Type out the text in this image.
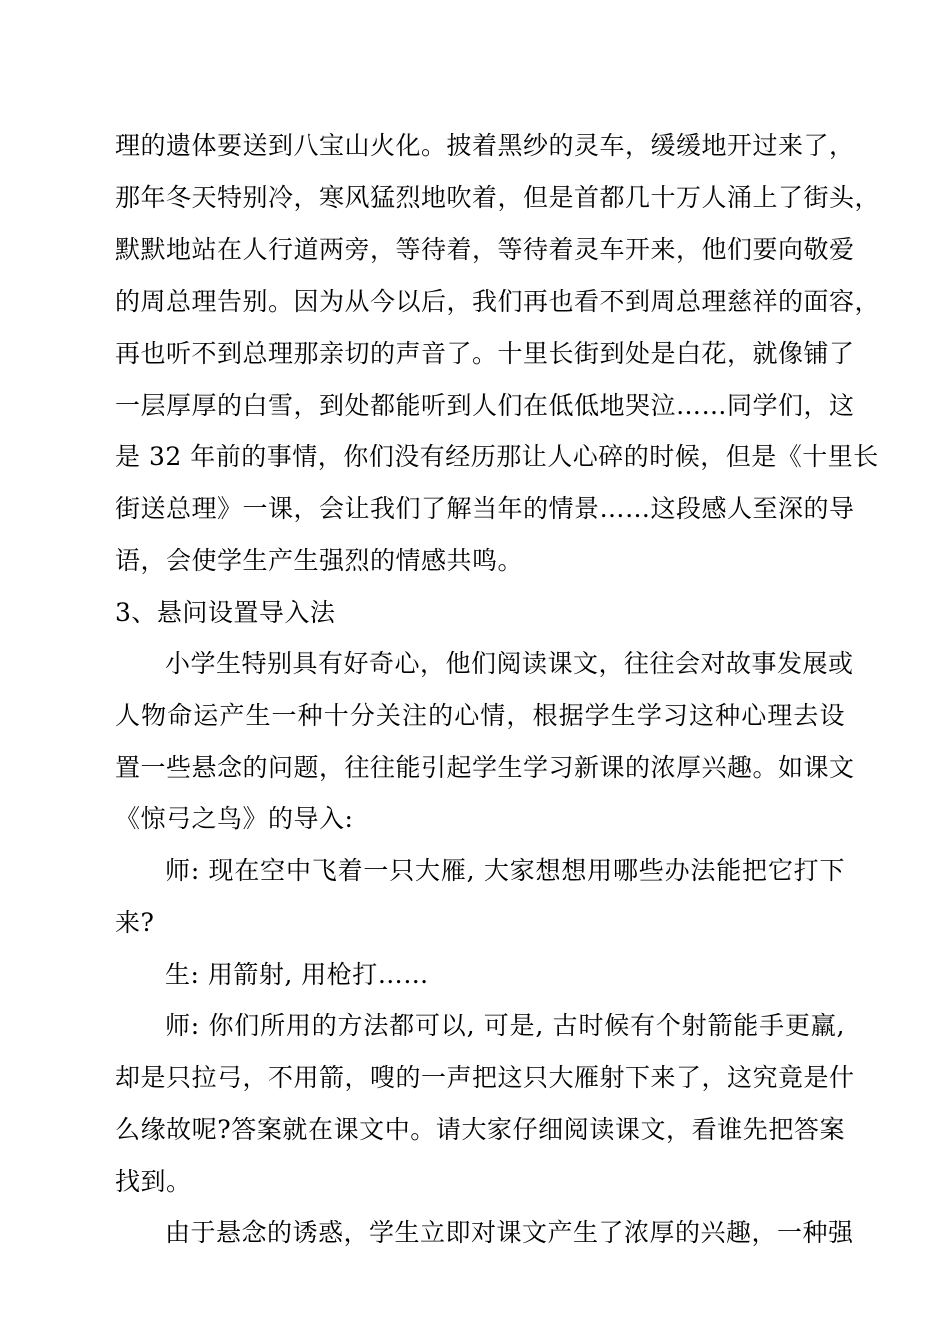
理的遗体要送到八宝山火化。披着黑纱的灵车，缓缓地开过来了，
那年冬天特别冷，寒风猛烈地吹着，但是首都几十万人涌上了街头，
默默地站在人行道两旁，等待着，等待着灵车开来，他们要向敬爱
的周总理告别。因为从今以后，我们再也看不到周总理慈祥的面容，
再也听不到总理那亲切的声音了。十里长街到处是白花，就像铺了
一层厚厚的白雪，到处都能听到人们在低低地哭泣……同学们，这
是 32 年前的事情，你们没有经历那让人心碎的时候，但是《十里长
街送总理》一课，会让我们了解当年的情景……这段感人至深的导
语，会使学生产生强烈的情感共鸣。
3、悬问设置导入法
小学生特别具有好奇心，他们阅读课文，往往会对故事发展或
人物命运产生一种十分关注的心情，根据学生学习这种心理去设
置一些悬念的问题，往往能引起学生学习新课的浓厚兴趣。如课文
《惊弓之鸟》的导入:
师: 现在空中飞着一只大雁, 大家想想用哪些办法能把它打下
来?
生: 用箭射, 用枪打……
师: 你们所用的方法都可以, 可是, 古时候有个射箭能手更羸,
却是只拉弓，不用箭，嗖的一声把这只大雁射下来了，这究竟是什
么缘故呢?答案就在课文中。请大家仔细阅读课文，看谁先把答案
找到。
由于悬念的诱惑，学生立即对课文产生了浓厚的兴趣，一种强
